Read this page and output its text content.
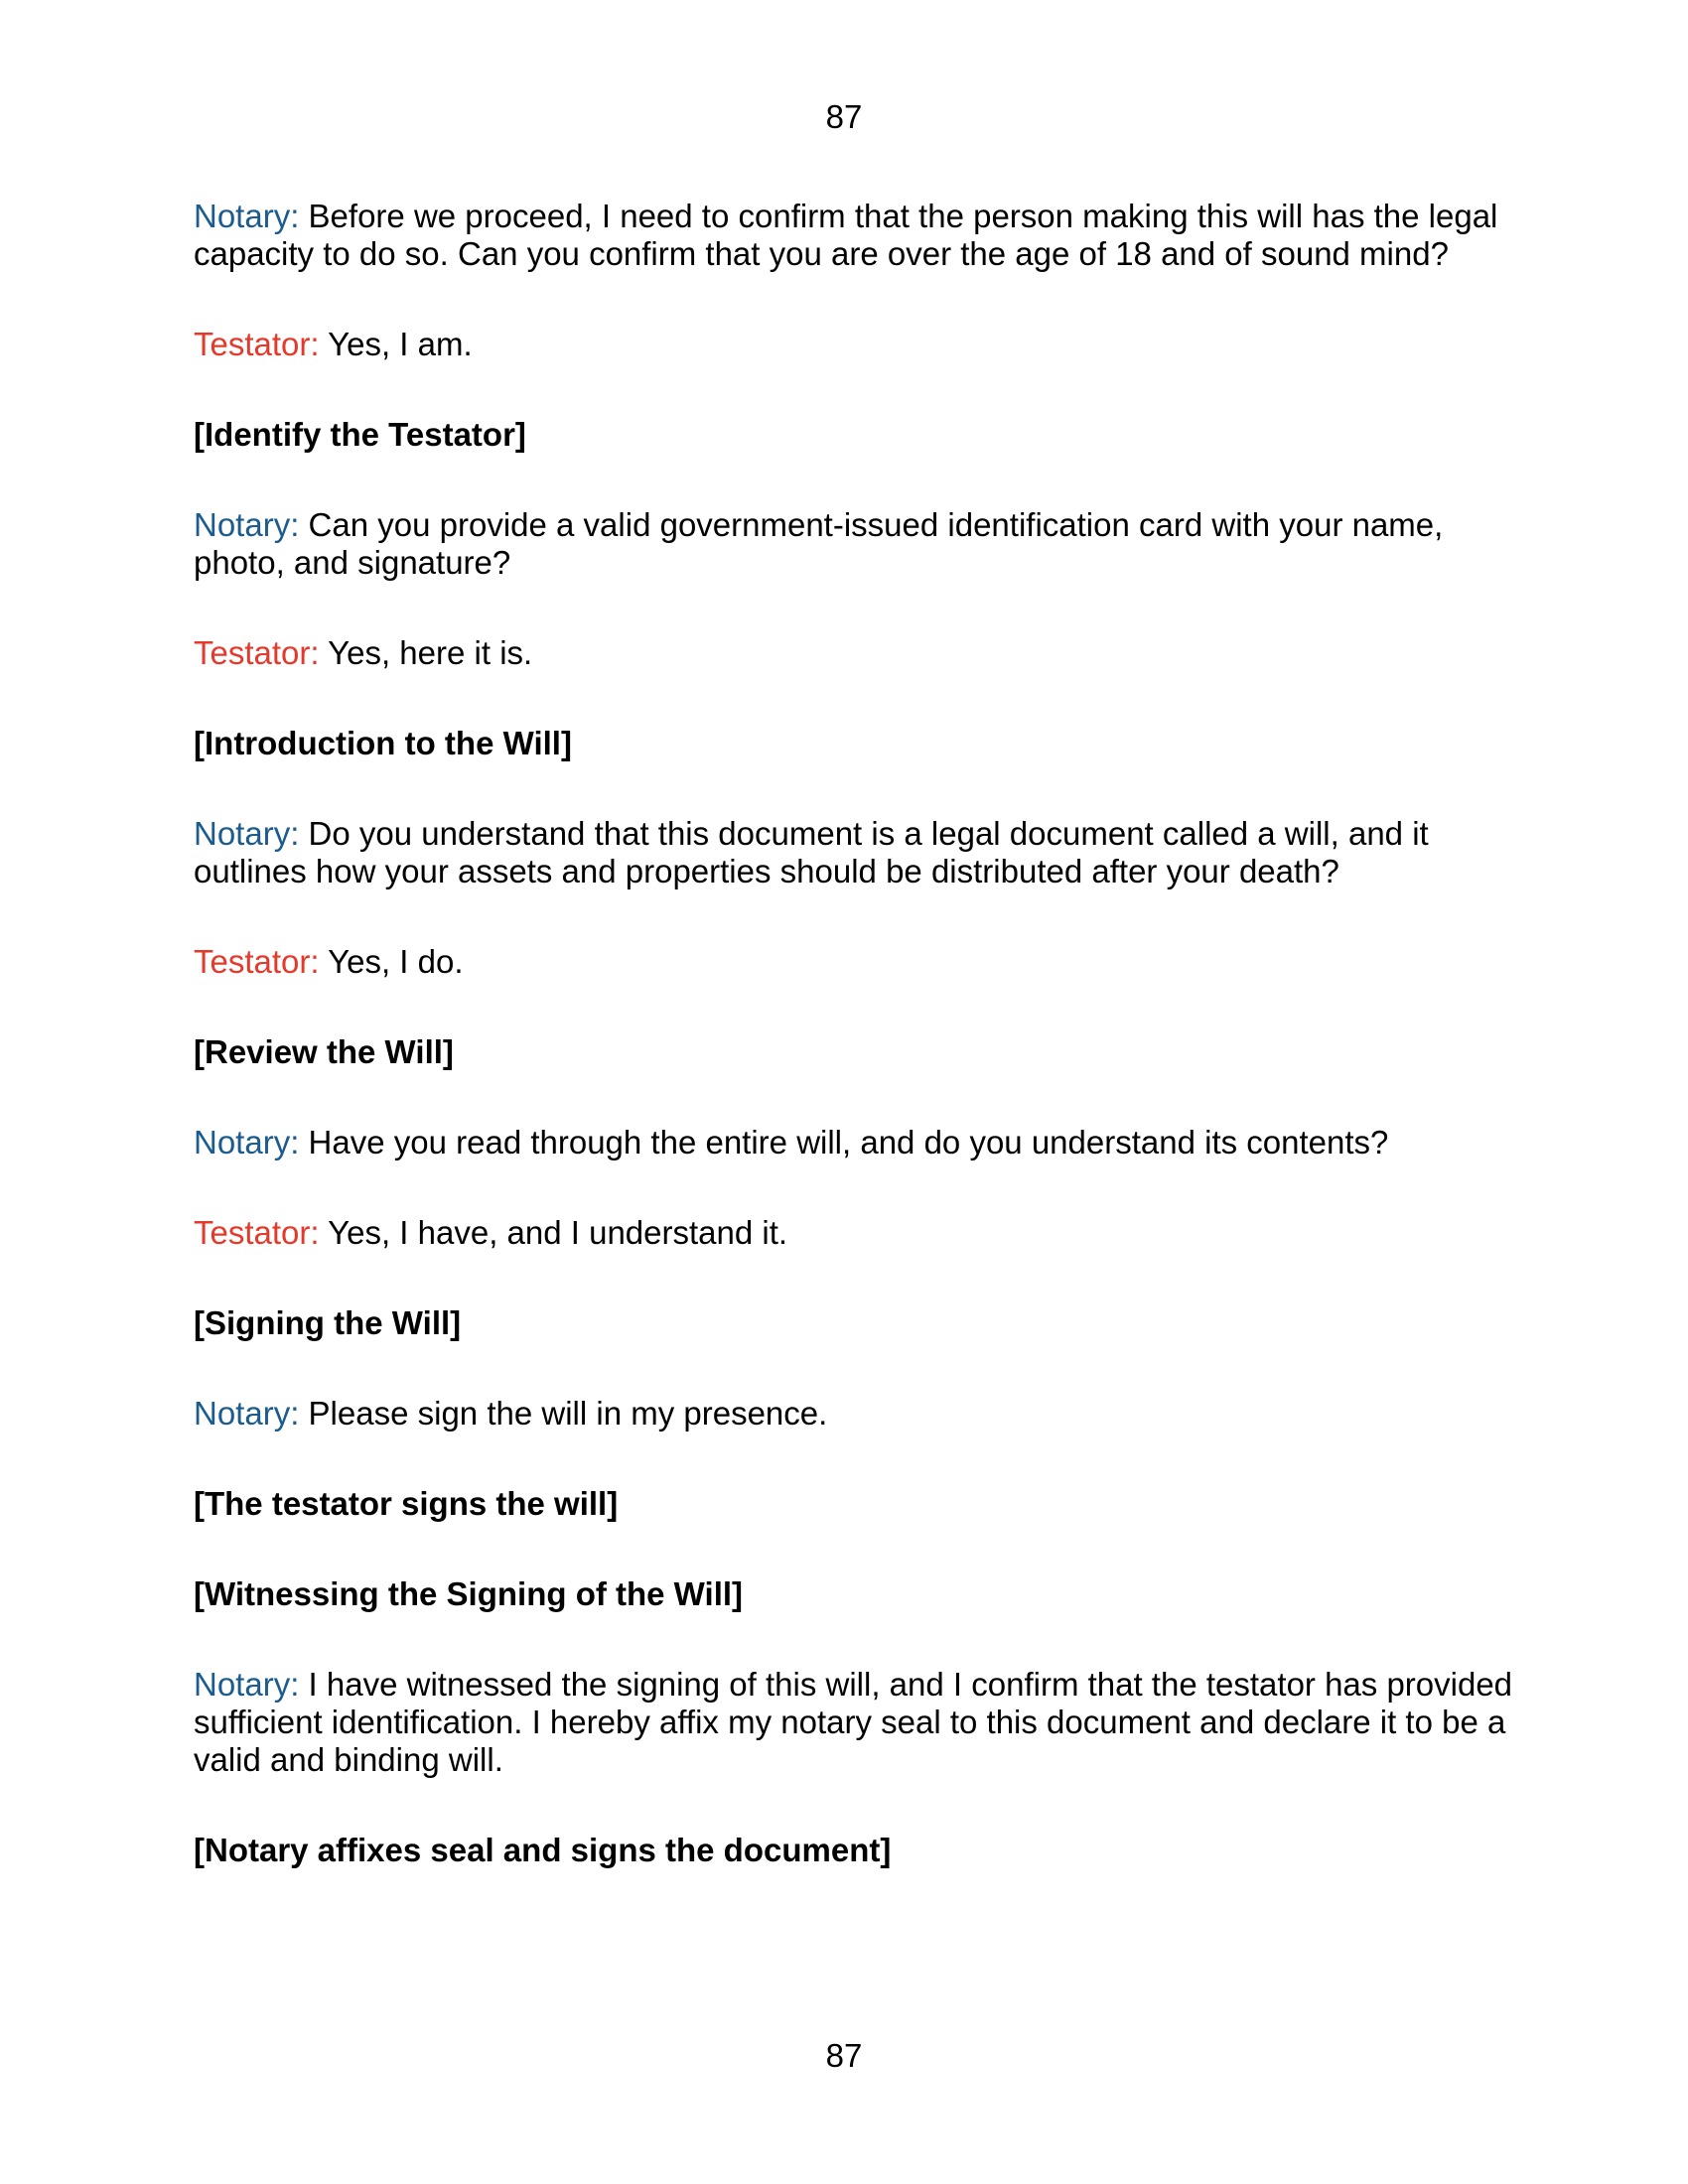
87

Notary: Before we proceed, I need to confirm that the person making this will has the legal capacity to do so. Can you confirm that you are over the age of 18 and of sound mind?

Testator: Yes, I am.

[Identify the Testator]

Notary: Can you provide a valid government-issued identification card with your name, photo, and signature?

Testator: Yes, here it is.

[Introduction to the Will]

Notary: Do you understand that this document is a legal document called a will, and it outlines how your assets and properties should be distributed after your death?

Testator: Yes, I do.

[Review the Will]

Notary: Have you read through the entire will, and do you understand its contents?

Testator: Yes, I have, and I understand it.

[Signing the Will]

Notary: Please sign the will in my presence.

[The testator signs the will]

[Witnessing the Signing of the Will]

Notary: I have witnessed the signing of this will, and I confirm that the testator has provided sufficient identification. I hereby affix my notary seal to this document and declare it to be a valid and binding will.

[Notary affixes seal and signs the document]

87
